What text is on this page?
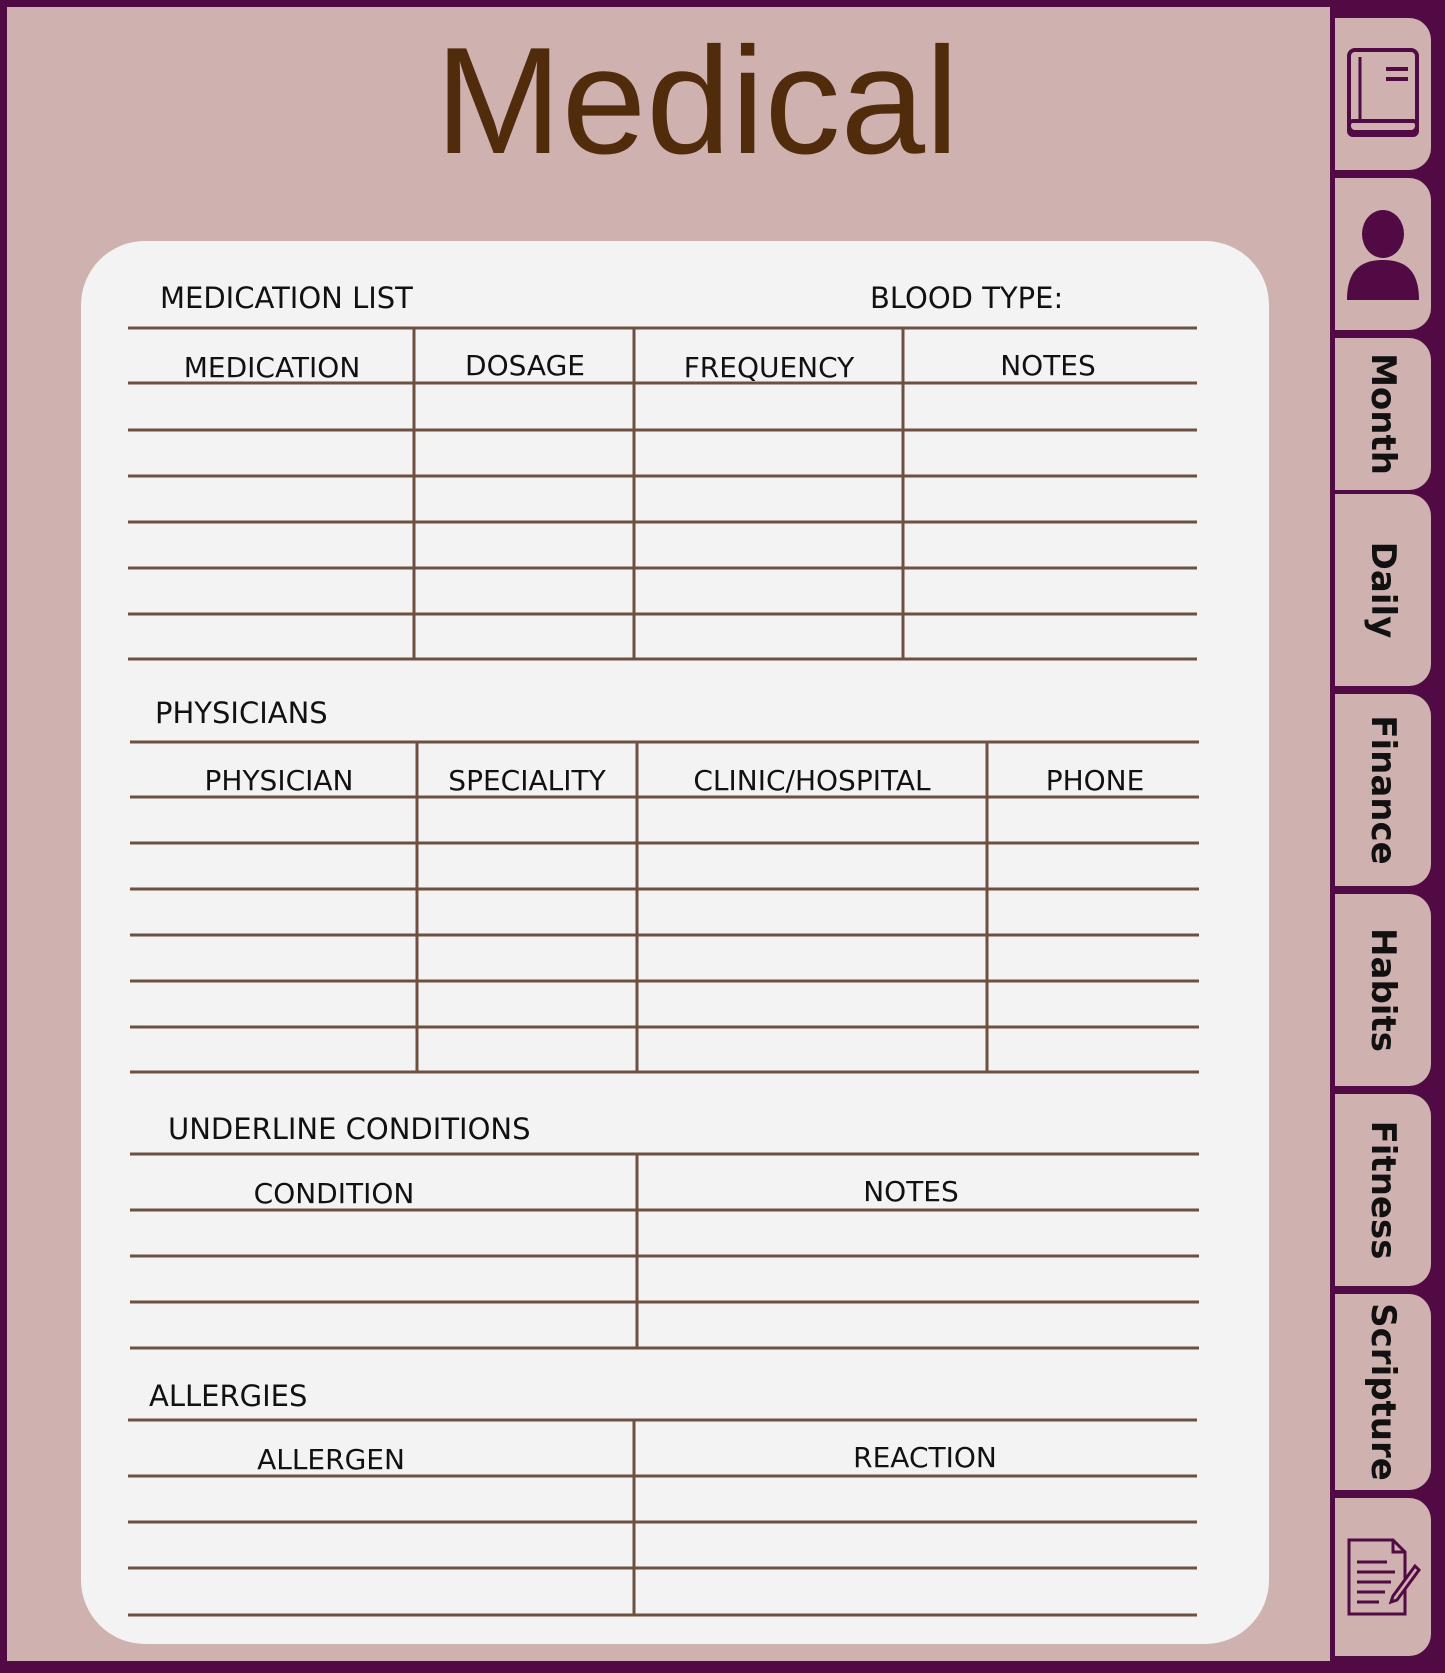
Medical
MEDICATION LIST	BLOOD TYPE:
MEDICATION	DOSAGE	FREQUENCY	NOTES
PHYSICIANS
PHYSICIAN	SPECIALITY	CLINIC/HOSPITAL	PHONE
UNDERLINE CONDITIONS
CONDITION	NOTES
ALLERGIES
ALLERGEN	REACTION
Month
Daily
Finance
Habits
Fitness
Scripture
